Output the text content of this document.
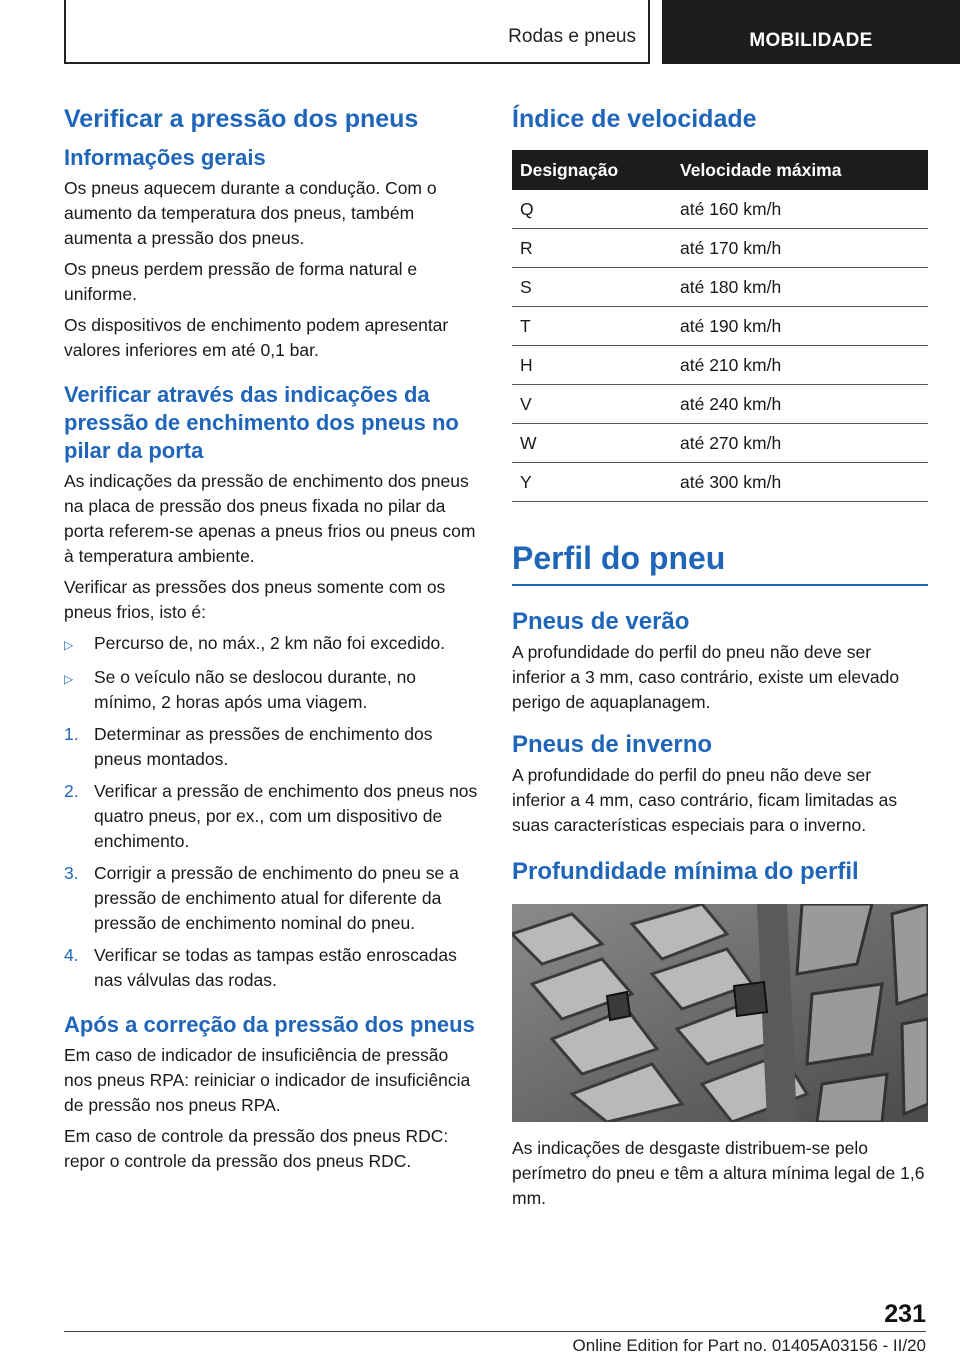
Rodas e pneus	MOBILIDADE
Verificar a pressão dos pneus
Informações gerais

Os pneus aquecem durante a condução. Com o aumento da temperatura dos pneus, também aumenta a pressão dos pneus.

Os pneus perdem pressão de forma natural e uniforme.

Os dispositivos de enchimento podem apresentar valores inferiores em até 0,1 bar.

Verificar através das indicações da pressão de enchimento dos pneus no pilar da porta

As indicações da pressão de enchimento dos pneus na placa de pressão dos pneus fixada no pilar da porta referem-se apenas a pneus frios ou pneus com à temperatura ambiente.

Verificar as pressões dos pneus somente com os pneus frios, isto é:

▷	Percurso de, no máx., 2 km não foi excedido.
▷	Se o veículo não se deslocou durante, no mínimo, 2 horas após uma viagem.
1. Determinar as pressões de enchimento dos pneus montados.
2. Verificar a pressão de enchimento dos pneus nos quatro pneus, por ex., com um dispositivo de enchimento.
3. Corrigir a pressão de enchimento do pneu se a pressão de enchimento atual for diferente da pressão de enchimento nominal do pneu.
4. Verificar se todas as tampas estão enroscadas nas válvulas das rodas.
Após a correção da pressão dos pneus

Em caso de indicador de insuficiência de pressão nos pneus RPA: reiniciar o indicador de insuficiência de pressão nos pneus RPA.

Em caso de controle da pressão dos pneus RDC: repor o controle da pressão dos pneus RDC.

Índice de velocidade
Designação	Velocidade máxima
Q	até 160 km/h
R	até 170 km/h
S	até 180 km/h
T	até 190 km/h
H	até 210 km/h
V	até 240 km/h
W	até 270 km/h
Y	até 300 km/h
Perfil do pneu
Pneus de verão

A profundidade do perfil do pneu não deve ser inferior a 3 mm, caso contrário, existe um elevado perigo de aquaplanagem.

Pneus de inverno

A profundidade do perfil do pneu não deve ser inferior a 4 mm, caso contrário, ficam limitadas as suas características especiais para o inverno.

Profundidade mínima do perfil

As indicações de desgaste distribuem-se pelo perímetro do pneu e têm a altura mínima legal de 1,6 mm.

231
Online Edition for Part no. 01405A03156 - II/20
